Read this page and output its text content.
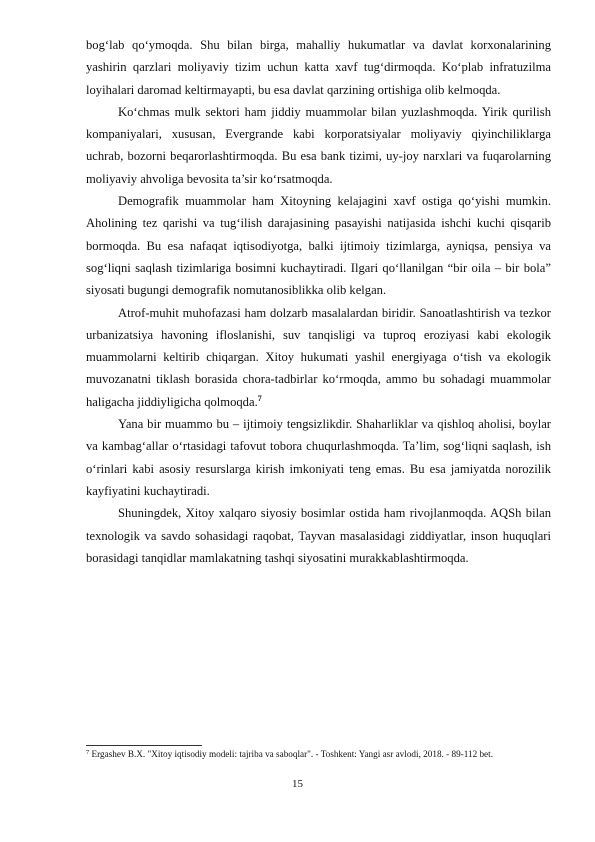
bog‘lab qo‘ymoqda. Shu bilan birga, mahalliy hukumatlar va davlat korxonalarining yashirin qarzlari moliyaviy tizim uchun katta xavf tug‘dirmoqda. Ko‘plab infratuzilma loyihalari daromad keltirmayapti, bu esa davlat qarzining ortishiga olib kelmoqda.

Ko‘chmas mulk sektori ham jiddiy muammolar bilan yuzlashmoqda. Yirik qurilish kompaniyalari, xususan, Evergrande kabi korporatsiyalar moliyaviy qiyinchiliklarga uchrab, bozorni beqarorlashtirmoqda. Bu esa bank tizimi, uy-joy narxlari va fuqarolarning moliyaviy ahvoliga bevosita ta’sir ko‘rsatmoqda.

Demografik muammolar ham Xitoyning kelajagini xavf ostiga qo‘yishi mumkin. Aholining tez qarishi va tug‘ilish darajasining pasayishi natijasida ishchi kuchi qisqarib bormoqda. Bu esa nafaqat iqtisodiyotga, balki ijtimoiy tizimlarga, ayniqsa, pensiya va sog‘liqni saqlash tizimlariga bosimni kuchaytiradi. Ilgari qo‘llanilgan “bir oila – bir bola” siyosati bugungi demografik nomutanosiblikka olib kelgan.

Atrof-muhit muhofazasi ham dolzarb masalalardan biridir. Sanoatlashtirish va tezkor urbanizatsiya havoning ifloslanishi, suv tanqisligi va tuproq eroziyasi kabi ekologik muammolarni keltirib chiqargan. Xitoy hukumati yashil energiyaga o‘tish va ekologik muvozanatni tiklash borasida chora-tadbirlar ko‘rmoqda, ammo bu sohadagi muammolar haligacha jiddiyligicha qolmoqda.$^7$

Yana bir muammo bu – ijtimoiy tengsizlikdir. Shaharliklar va qishloq aholisi, boylar va kambag‘allar o‘rtasidagi tafovut tobora chuqurlashmoqda. Ta’lim, sog‘liqni saqlash, ish o‘rinlari kabi asosiy resurslarga kirish imkoniyati teng emas. Bu esa jamiyatda norozilik kayfiyatini kuchaytiradi.

Shuningdek, Xitoy xalqaro siyosiy bosimlar ostida ham rivojlanmoqda. AQSh bilan texnologik va savdo sohasidagi raqobat, Tayvan masalasidagi ziddiyatlar, inson huquqlari borasidagi tanqidlar mamlakatning tashqi siyosatini murakkablashtirmoqda.

$^7$ Ergashev B.X. "Xitoy iqtisodiy modeli: tajriba va saboqlar". - Toshkent: Yangi asr avlodi, 2018. - 89-112 bet.
15
